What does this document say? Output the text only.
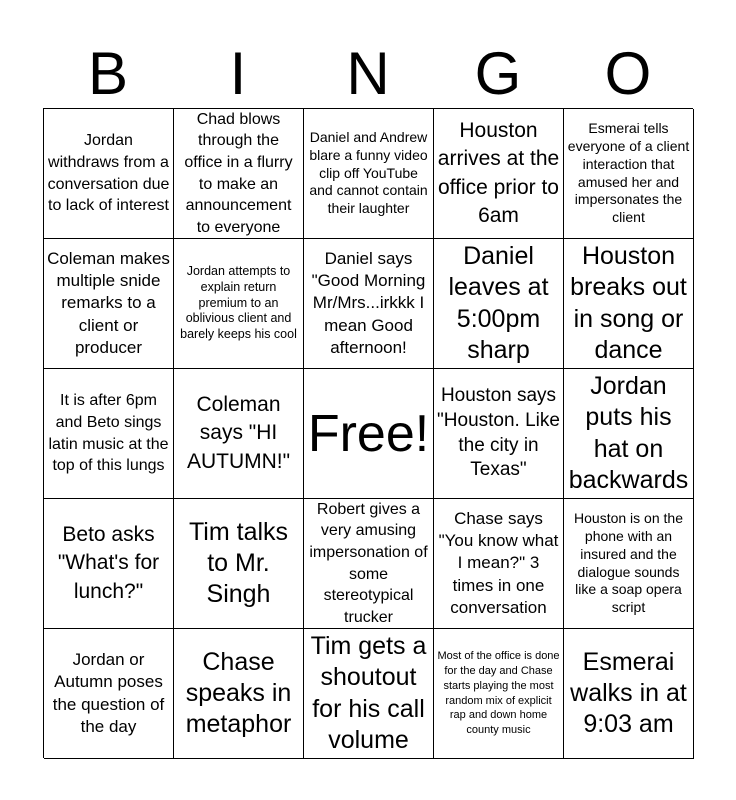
B	I	N	G	O
Jordan withdraws from a conversation due to lack of interest
Chad blows through the office in a flurry to make an announcement to everyone
Daniel and Andrew blare a funny video clip off YouTube and cannot contain their laughter
Houston arrives at the office prior to 6am
Esmerai tells everyone of a client interaction that amused her and impersonates the client
Coleman makes multiple snide remarks to a client or producer
Jordan attempts to explain return premium to an oblivious client and barely keeps his cool
Daniel says "Good Morning Mr/Mrs...irkkk I mean Good afternoon!
Daniel leaves at 5:00pm sharp
Houston breaks out in song or dance
It is after 6pm and Beto sings latin music at the top of this lungs
Coleman says "HI AUTUMN!" Free!
Houston says "Houston. Like the city in Texas"
Jordan puts his hat on backwards
Beto asks "What's for lunch?"
Tim talks to Mr. Singh
Robert gives a very amusing impersonation of some stereotypical trucker
Chase says "You know what I mean?" 3 times in one conversation
Houston is on the phone with an insured and the dialogue sounds like a soap opera script
Jordan or Autumn poses the question of the day
Chase speaks in metaphor
Tim gets a shoutout for his call volume
Most of the office is done for the day and Chase starts playing the most random mix of explicit rap and down home county music
Esmerai walks in at 9:03 am
